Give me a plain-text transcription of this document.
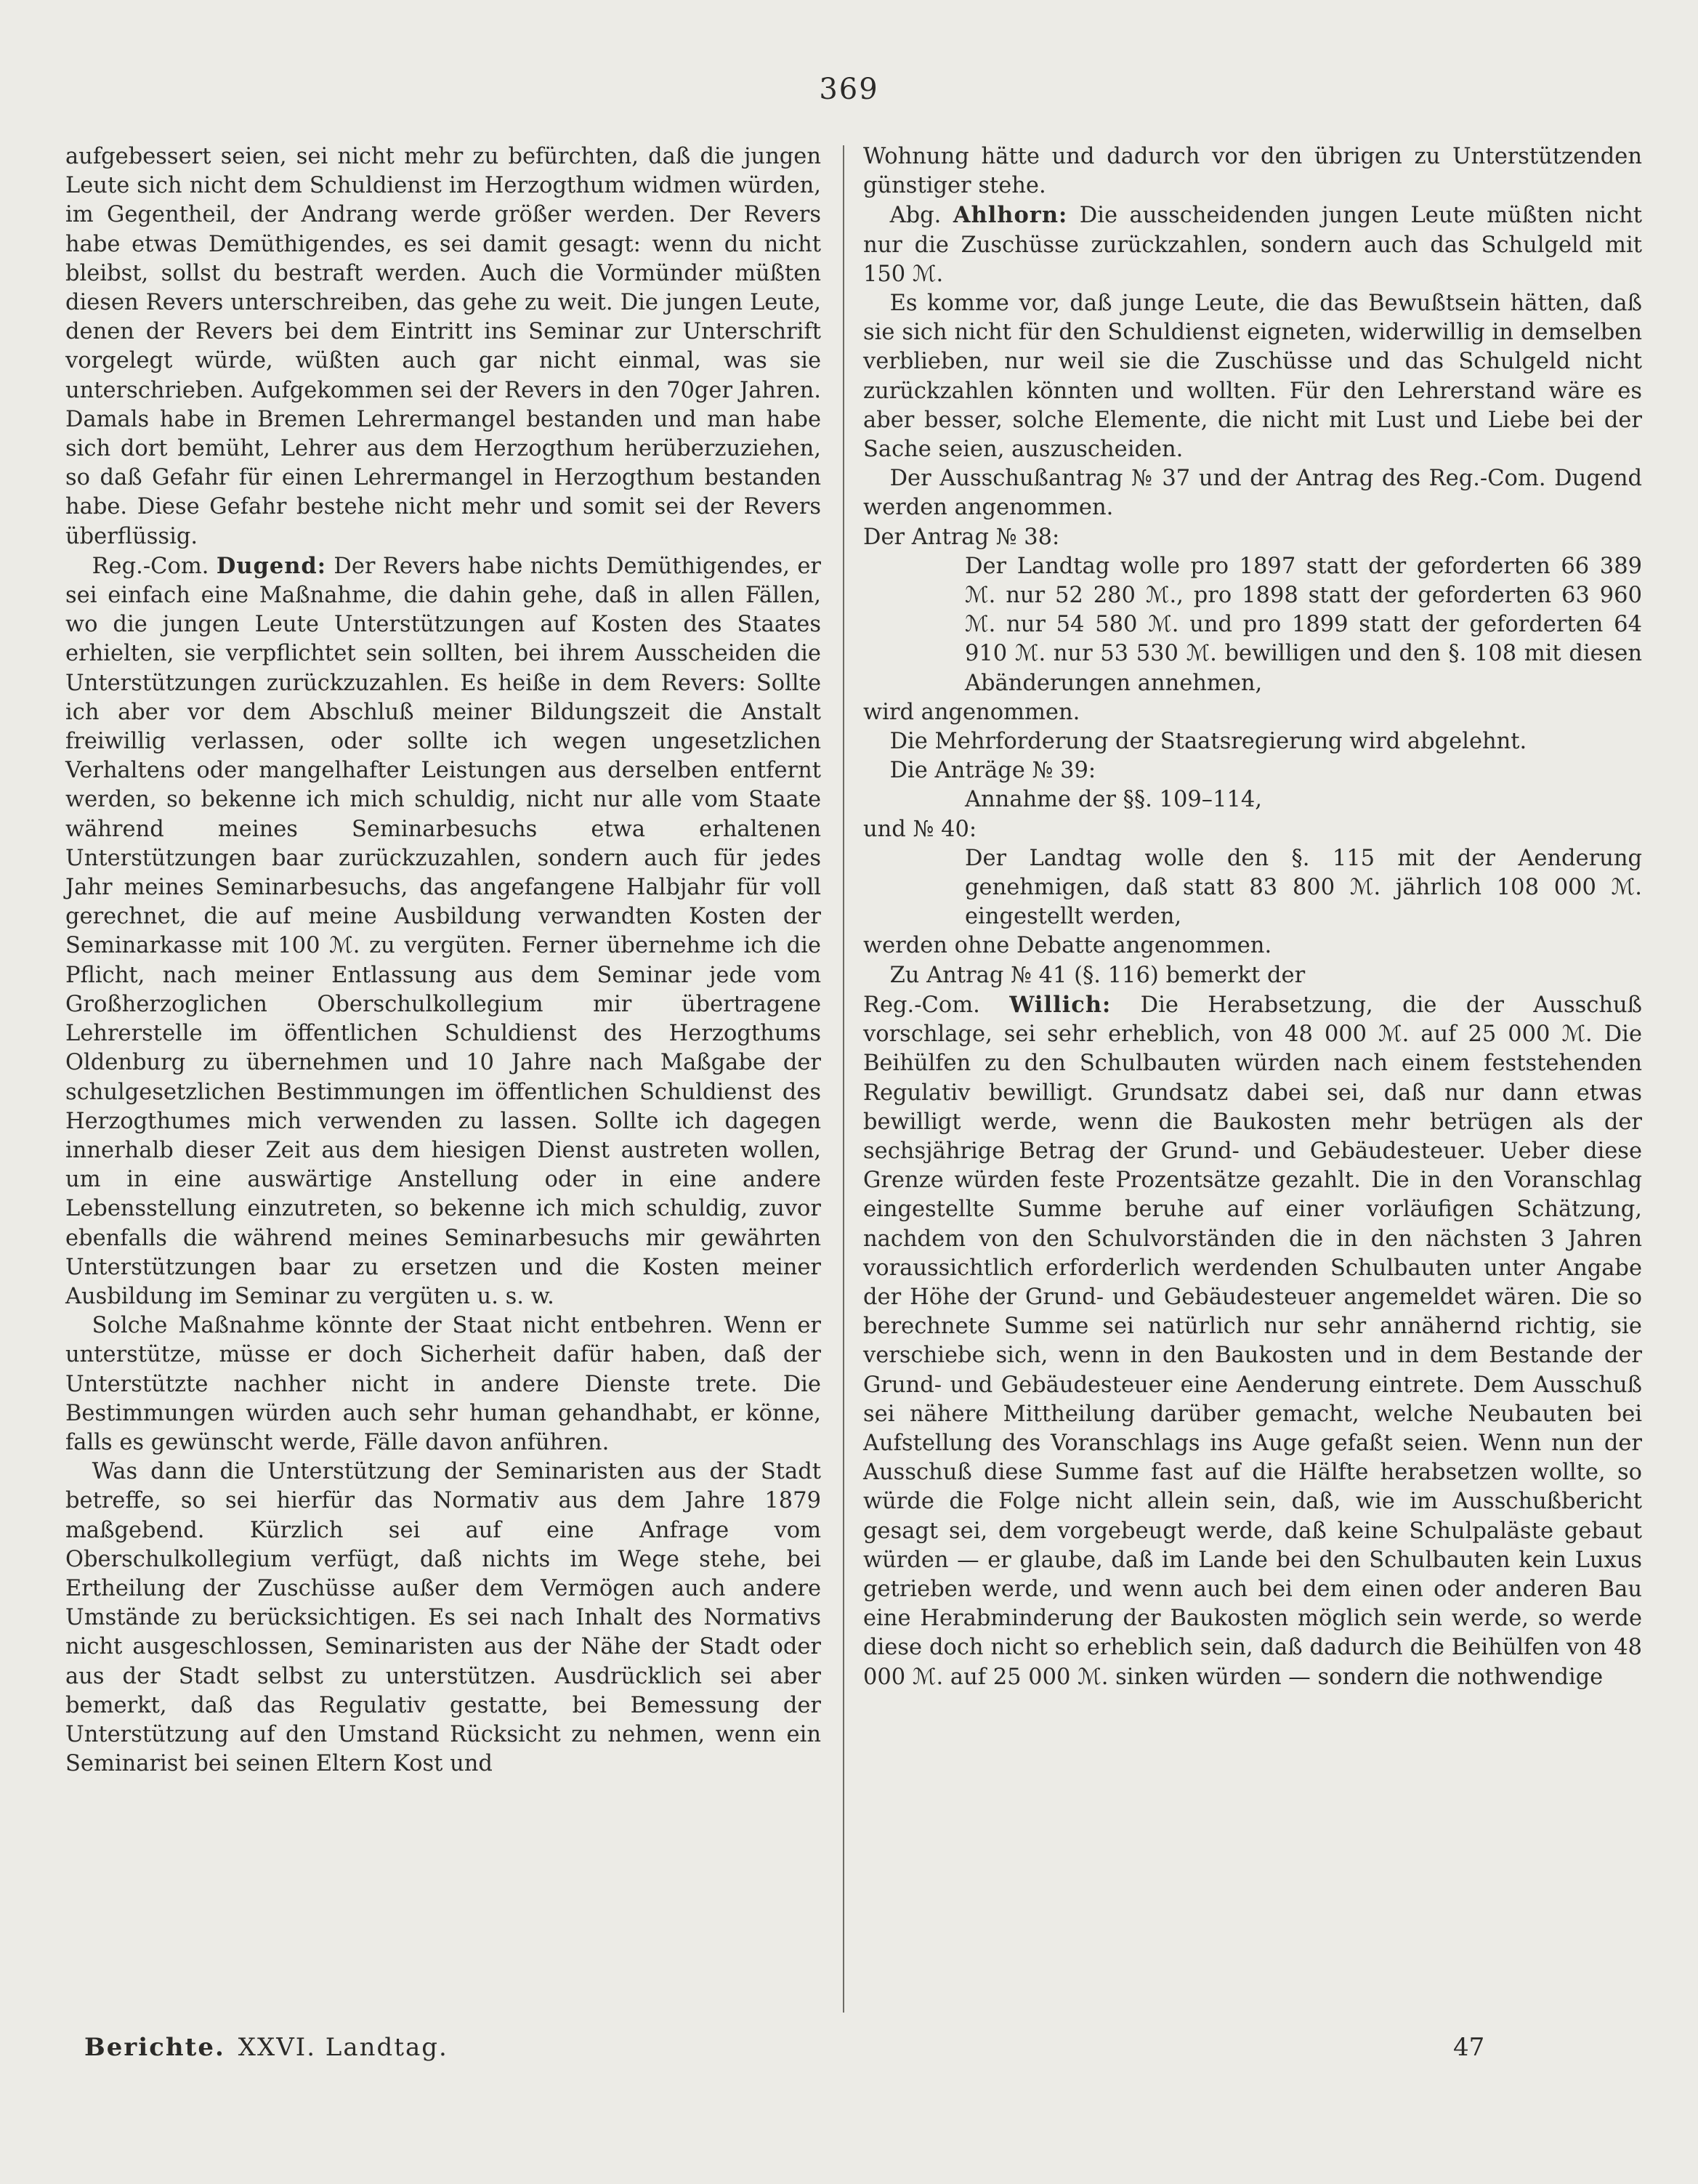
369

aufgebessert seien, sei nicht mehr zu befürchten, daß die jungen Leute sich nicht dem Schuldienst im Herzogthum widmen würden, im Gegentheil, der Andrang werde größer werden. Der Revers habe etwas Demüthigendes, es sei damit gesagt: wenn du nicht bleibst, sollst du bestraft werden. Auch die Vormünder müßten diesen Revers unterschreiben, das gehe zu weit. Die jungen Leute, denen der Revers bei dem Eintritt ins Seminar zur Unterschrift vorgelegt würde, wüßten auch gar nicht einmal, was sie unterschrieben. Aufgekommen sei der Revers in den 70ger Jahren. Damals habe in Bremen Lehrermangel bestanden und man habe sich dort bemüht, Lehrer aus dem Herzogthum herüberzuziehen, so daß Gefahr für einen Lehrermangel in Herzogthum bestanden habe. Diese Gefahr bestehe nicht mehr und somit sei der Revers überflüssig.

Reg.-Com. Dugend: Der Revers habe nichts Demüthigendes, er sei einfach eine Maßnahme, die dahin gehe, daß in allen Fällen, wo die jungen Leute Unterstützungen auf Kosten des Staates erhielten, sie verpflichtet sein sollten, bei ihrem Ausscheiden die Unterstützungen zurückzuzahlen. Es heiße in dem Revers: Sollte ich aber vor dem Abschluß meiner Bildungszeit die Anstalt freiwillig verlassen, oder sollte ich wegen ungesetzlichen Verhaltens oder mangelhafter Leistungen aus derselben entfernt werden, so bekenne ich mich schuldig, nicht nur alle vom Staate während meines Seminarbesuchs etwa erhaltenen Unterstützungen baar zurückzuzahlen, sondern auch für jedes Jahr meines Seminarbesuchs, das angefangene Halbjahr für voll gerechnet, die auf meine Ausbildung verwandten Kosten der Seminarkasse mit 100 ℳ. zu vergüten. Ferner übernehme ich die Pflicht, nach meiner Entlassung aus dem Seminar jede vom Großherzoglichen Oberschulkollegium mir übertragene Lehrerstelle im öffentlichen Schuldienst des Herzogthums Oldenburg zu übernehmen und 10 Jahre nach Maßgabe der schulgesetzlichen Bestimmungen im öffentlichen Schuldienst des Herzogthumes mich verwenden zu lassen. Sollte ich dagegen innerhalb dieser Zeit aus dem hiesigen Dienst austreten wollen, um in eine auswärtige Anstellung oder in eine andere Lebensstellung einzutreten, so bekenne ich mich schuldig, zuvor ebenfalls die während meines Seminarbesuchs mir gewährten Unterstützungen baar zu ersetzen und die Kosten meiner Ausbildung im Seminar zu vergüten u. s. w.

Solche Maßnahme könnte der Staat nicht entbehren. Wenn er unterstütze, müsse er doch Sicherheit dafür haben, daß der Unterstützte nachher nicht in andere Dienste trete. Die Bestimmungen würden auch sehr human gehandhabt, er könne, falls es gewünscht werde, Fälle davon anführen.

Was dann die Unterstützung der Seminaristen aus der Stadt betreffe, so sei hierfür das Normativ aus dem Jahre 1879 maßgebend. Kürzlich sei auf eine Anfrage vom Oberschulkollegium verfügt, daß nichts im Wege stehe, bei Ertheilung der Zuschüsse außer dem Vermögen auch andere Umstände zu berücksichtigen. Es sei nach Inhalt des Normativs nicht ausgeschlossen, Seminaristen aus der Nähe der Stadt oder aus der Stadt selbst zu unterstützen. Ausdrücklich sei aber bemerkt, daß das Regulativ gestatte, bei Bemessung der Unterstützung auf den Umstand Rücksicht zu nehmen, wenn ein Seminarist bei seinen Eltern Kost und

Wohnung hätte und dadurch vor den übrigen zu Unterstützenden günstiger stehe.

Abg. Ahlhorn: Die ausscheidenden jungen Leute müßten nicht nur die Zuschüsse zurückzahlen, sondern auch das Schulgeld mit 150 ℳ.

Es komme vor, daß junge Leute, die das Bewußtsein hätten, daß sie sich nicht für den Schuldienst eigneten, widerwillig in demselben verblieben, nur weil sie die Zuschüsse und das Schulgeld nicht zurückzahlen könnten und wollten. Für den Lehrerstand wäre es aber besser, solche Elemente, die nicht mit Lust und Liebe bei der Sache seien, auszuscheiden.

Der Ausschußantrag № 37 und der Antrag des Reg.-Com. Dugend werden angenommen.

Der Antrag № 38:

Der Landtag wolle pro 1897 statt der geforderten 66 389 ℳ. nur 52 280 ℳ., pro 1898 statt der geforderten 63 960 ℳ. nur 54 580 ℳ. und pro 1899 statt der geforderten 64 910 ℳ. nur 53 530 ℳ. bewilligen und den §. 108 mit diesen Abänderungen annehmen,

wird angenommen.

Die Mehrforderung der Staatsregierung wird abgelehnt.

Die Anträge № 39:

Annahme der §§. 109–114,

und № 40:

Der Landtag wolle den §. 115 mit der Aenderung genehmigen, daß statt 83 800 ℳ. jährlich 108 000 ℳ. eingestellt werden,

werden ohne Debatte angenommen.

Zu Antrag № 41 (§. 116) bemerkt der

Reg.-Com. Willich: Die Herabsetzung, die der Ausschuß vorschlage, sei sehr erheblich, von 48 000 ℳ. auf 25 000 ℳ. Die Beihülfen zu den Schulbauten würden nach einem feststehenden Regulativ bewilligt. Grundsatz dabei sei, daß nur dann etwas bewilligt werde, wenn die Baukosten mehr betrügen als der sechsjährige Betrag der Grund- und Gebäudesteuer. Ueber diese Grenze würden feste Prozentsätze gezahlt. Die in den Voranschlag eingestellte Summe beruhe auf einer vorläufigen Schätzung, nachdem von den Schulvorständen die in den nächsten 3 Jahren voraussichtlich erforderlich werdenden Schulbauten unter Angabe der Höhe der Grund- und Gebäudesteuer angemeldet wären. Die so berechnete Summe sei natürlich nur sehr annähernd richtig, sie verschiebe sich, wenn in den Baukosten und in dem Bestande der Grund- und Gebäudesteuer eine Aenderung eintrete. Dem Ausschuß sei nähere Mittheilung darüber gemacht, welche Neubauten bei Aufstellung des Voranschlags ins Auge gefaßt seien. Wenn nun der Ausschuß diese Summe fast auf die Hälfte herabsetzen wollte, so würde die Folge nicht allein sein, daß, wie im Ausschußbericht gesagt sei, dem vorgebeugt werde, daß keine Schulpaläste gebaut würden — er glaube, daß im Lande bei den Schulbauten kein Luxus getrieben werde, und wenn auch bei dem einen oder anderen Bau eine Herabminderung der Baukosten möglich sein werde, so werde diese doch nicht so erheblich sein, daß dadurch die Beihülfen von 48 000 ℳ. auf 25 000 ℳ. sinken würden — sondern die nothwendige

Berichte. XXVI. Landtag.	47
